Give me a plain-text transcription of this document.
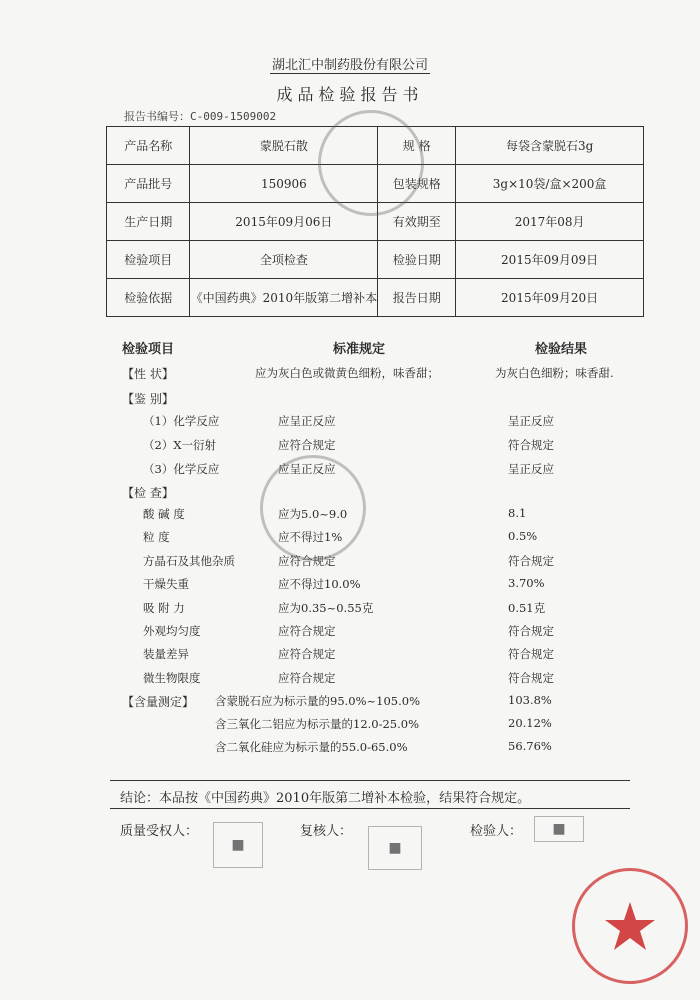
湖北汇中制药股份有限公司
成品检验报告书
报告书编号：C-009-1509002
产品名称	蒙脱石散	规 格	每袋含蒙脱石3g
产品批号	150906	包装规格	3g×10袋/盒×200盒
生产日期	2015年09月06日	有效期至	2017年08月
检验项目	全项检查	检验日期	2015年09月09日
检验依据	《中国药典》2010年版第二增补本	报告日期	2015年09月20日
检验项目	标准规定	检验结果
【性 状】	应为灰白色或微黄色细粉，味香甜；	为灰白色细粉；味香甜.
【鉴 别】
（1）化学反应	应呈正反应	呈正反应
（2）X一衍射	应符合规定	符合规定
（3）化学反应	应呈正反应	呈正反应
【检 查】
酸 碱 度	应为5.0~9.0	8.1
粒 度	应不得过1%	0.5%
方晶石及其他杂质	应符合规定	符合规定
干燥失重	应不得过10.0%	3.70%
吸 附 力	应为0.35~0.55克	0.51克
外观均匀度	应符合规定	符合规定
装量差异	应符合规定	符合规定
微生物限度	应符合规定	符合规定
【含量测定】 含蒙脱石应为标示量的95.0%~105.0%	103.8%
含三氧化二铝应为标示量的12.0-25.0%	20.12%
含二氧化硅应为标示量的55.0-65.0%	56.76%
结论：本品按《中国药典》2010年版第二增补本检验，结果符合规定。
质量受权人：	复核人：	检验人：
■	■
■
